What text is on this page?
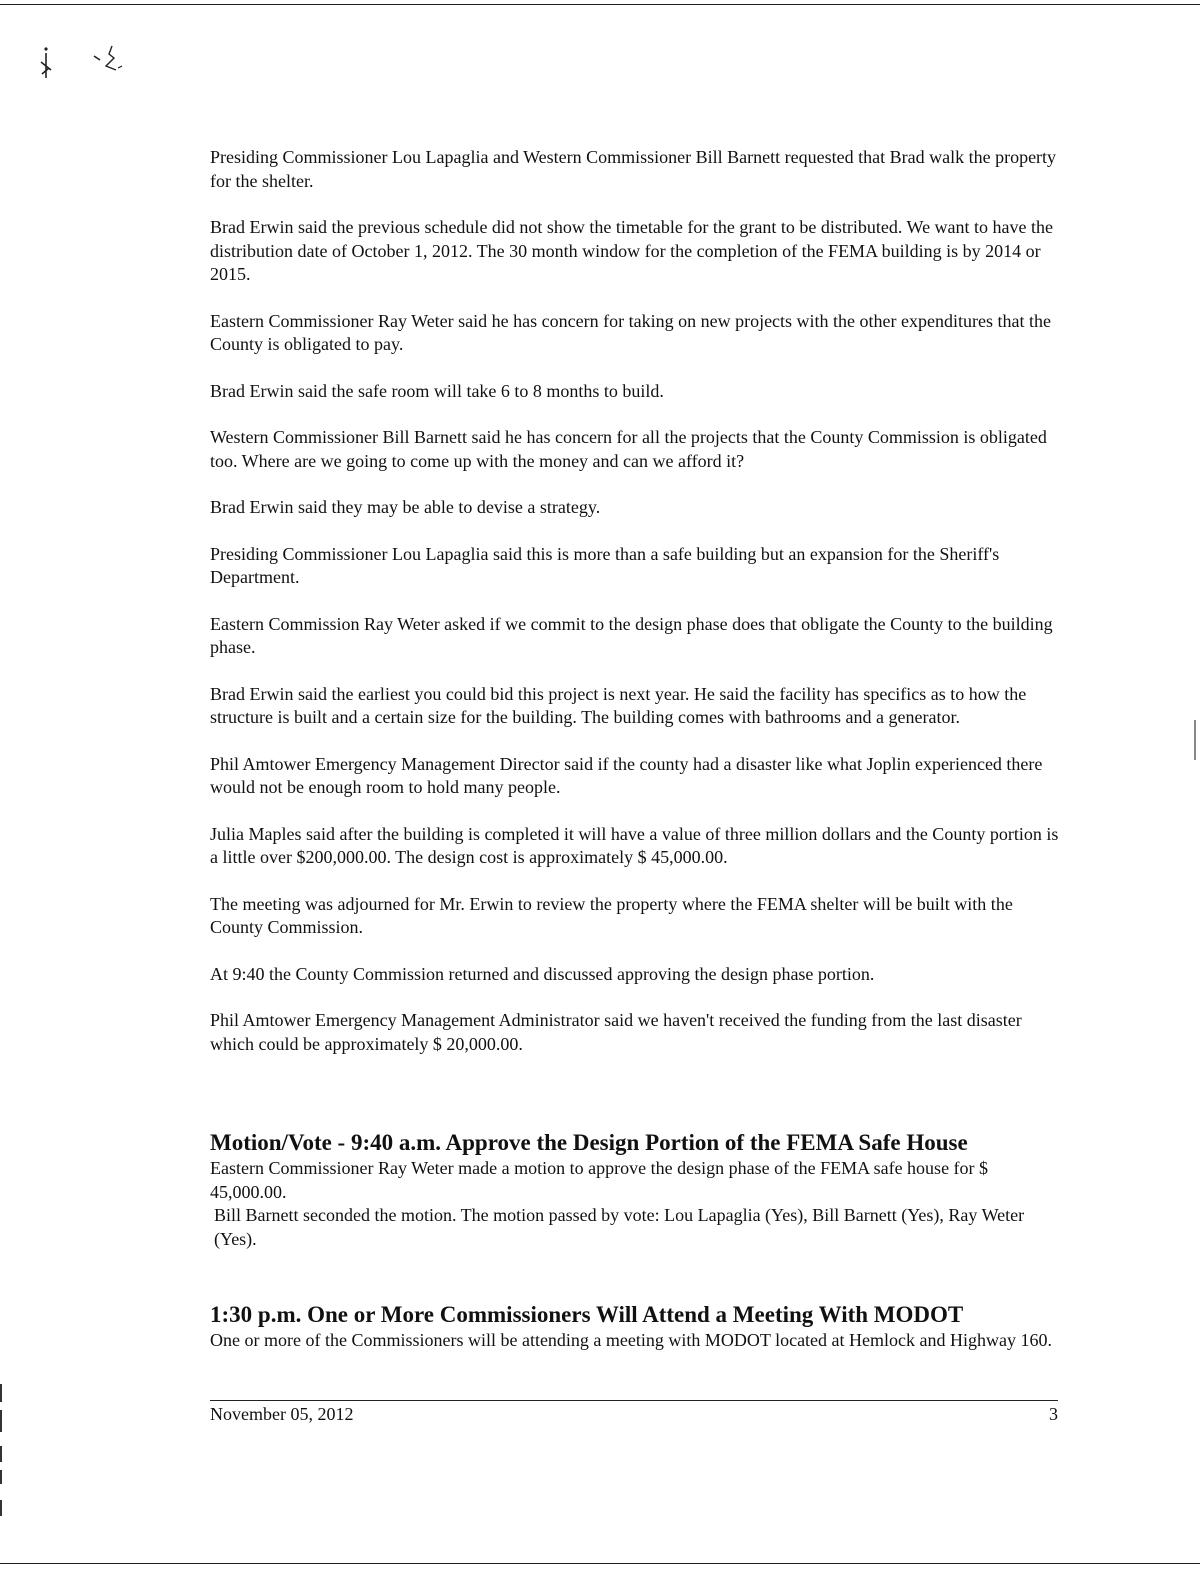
Presiding Commissioner Lou Lapaglia and Western Commissioner Bill Barnett requested that Brad walk the property for the shelter.

Brad Erwin said the previous schedule did not show the timetable for the grant to be distributed. We want to have the distribution date of October 1, 2012. The 30 month window for the completion of the FEMA building is by 2014 or 2015.

Eastern Commissioner Ray Weter said he has concern for taking on new projects with the other expenditures that the County is obligated to pay.

Brad Erwin said the safe room will take 6 to 8 months to build.

Western Commissioner Bill Barnett said he has concern for all the projects that the County Commission is obligated too. Where are we going to come up with the money and can we afford it?

Brad Erwin said they may be able to devise a strategy.

Presiding Commissioner Lou Lapaglia said this is more than a safe building but an expansion for the Sheriff's Department.

Eastern Commission Ray Weter asked if we commit to the design phase does that obligate the County to the building phase.

Brad Erwin said the earliest you could bid this project is next year. He said the facility has specifics as to how the structure is built and a certain size for the building. The building comes with bathrooms and a generator.

Phil Amtower Emergency Management Director said if the county had a disaster like what Joplin experienced there would not be enough room to hold many people.

Julia Maples said after the building is completed it will have a value of three million dollars and the County portion is a little over $200,000.00. The design cost is approximately $ 45,000.00.

The meeting was adjourned for Mr. Erwin to review the property where the FEMA shelter will be built with the County Commission.

At 9:40 the County Commission returned and discussed approving the design phase portion.

Phil Amtower Emergency Management Administrator said we haven't received the funding from the last disaster which could be approximately $ 20,000.00.

Motion/Vote - 9:40 a.m. Approve the Design Portion of the FEMA Safe House

Eastern Commissioner Ray Weter made a motion to approve the design phase of the FEMA safe house for $ 45,000.00.

Bill Barnett seconded the motion. The motion passed by vote: Lou Lapaglia (Yes), Bill Barnett (Yes), Ray Weter (Yes).

1:30 p.m. One or More Commissioners Will Attend a Meeting With MODOT

One or more of the Commissioners will be attending a meeting with MODOT located at Hemlock and Highway 160.

November 05, 2012	3
